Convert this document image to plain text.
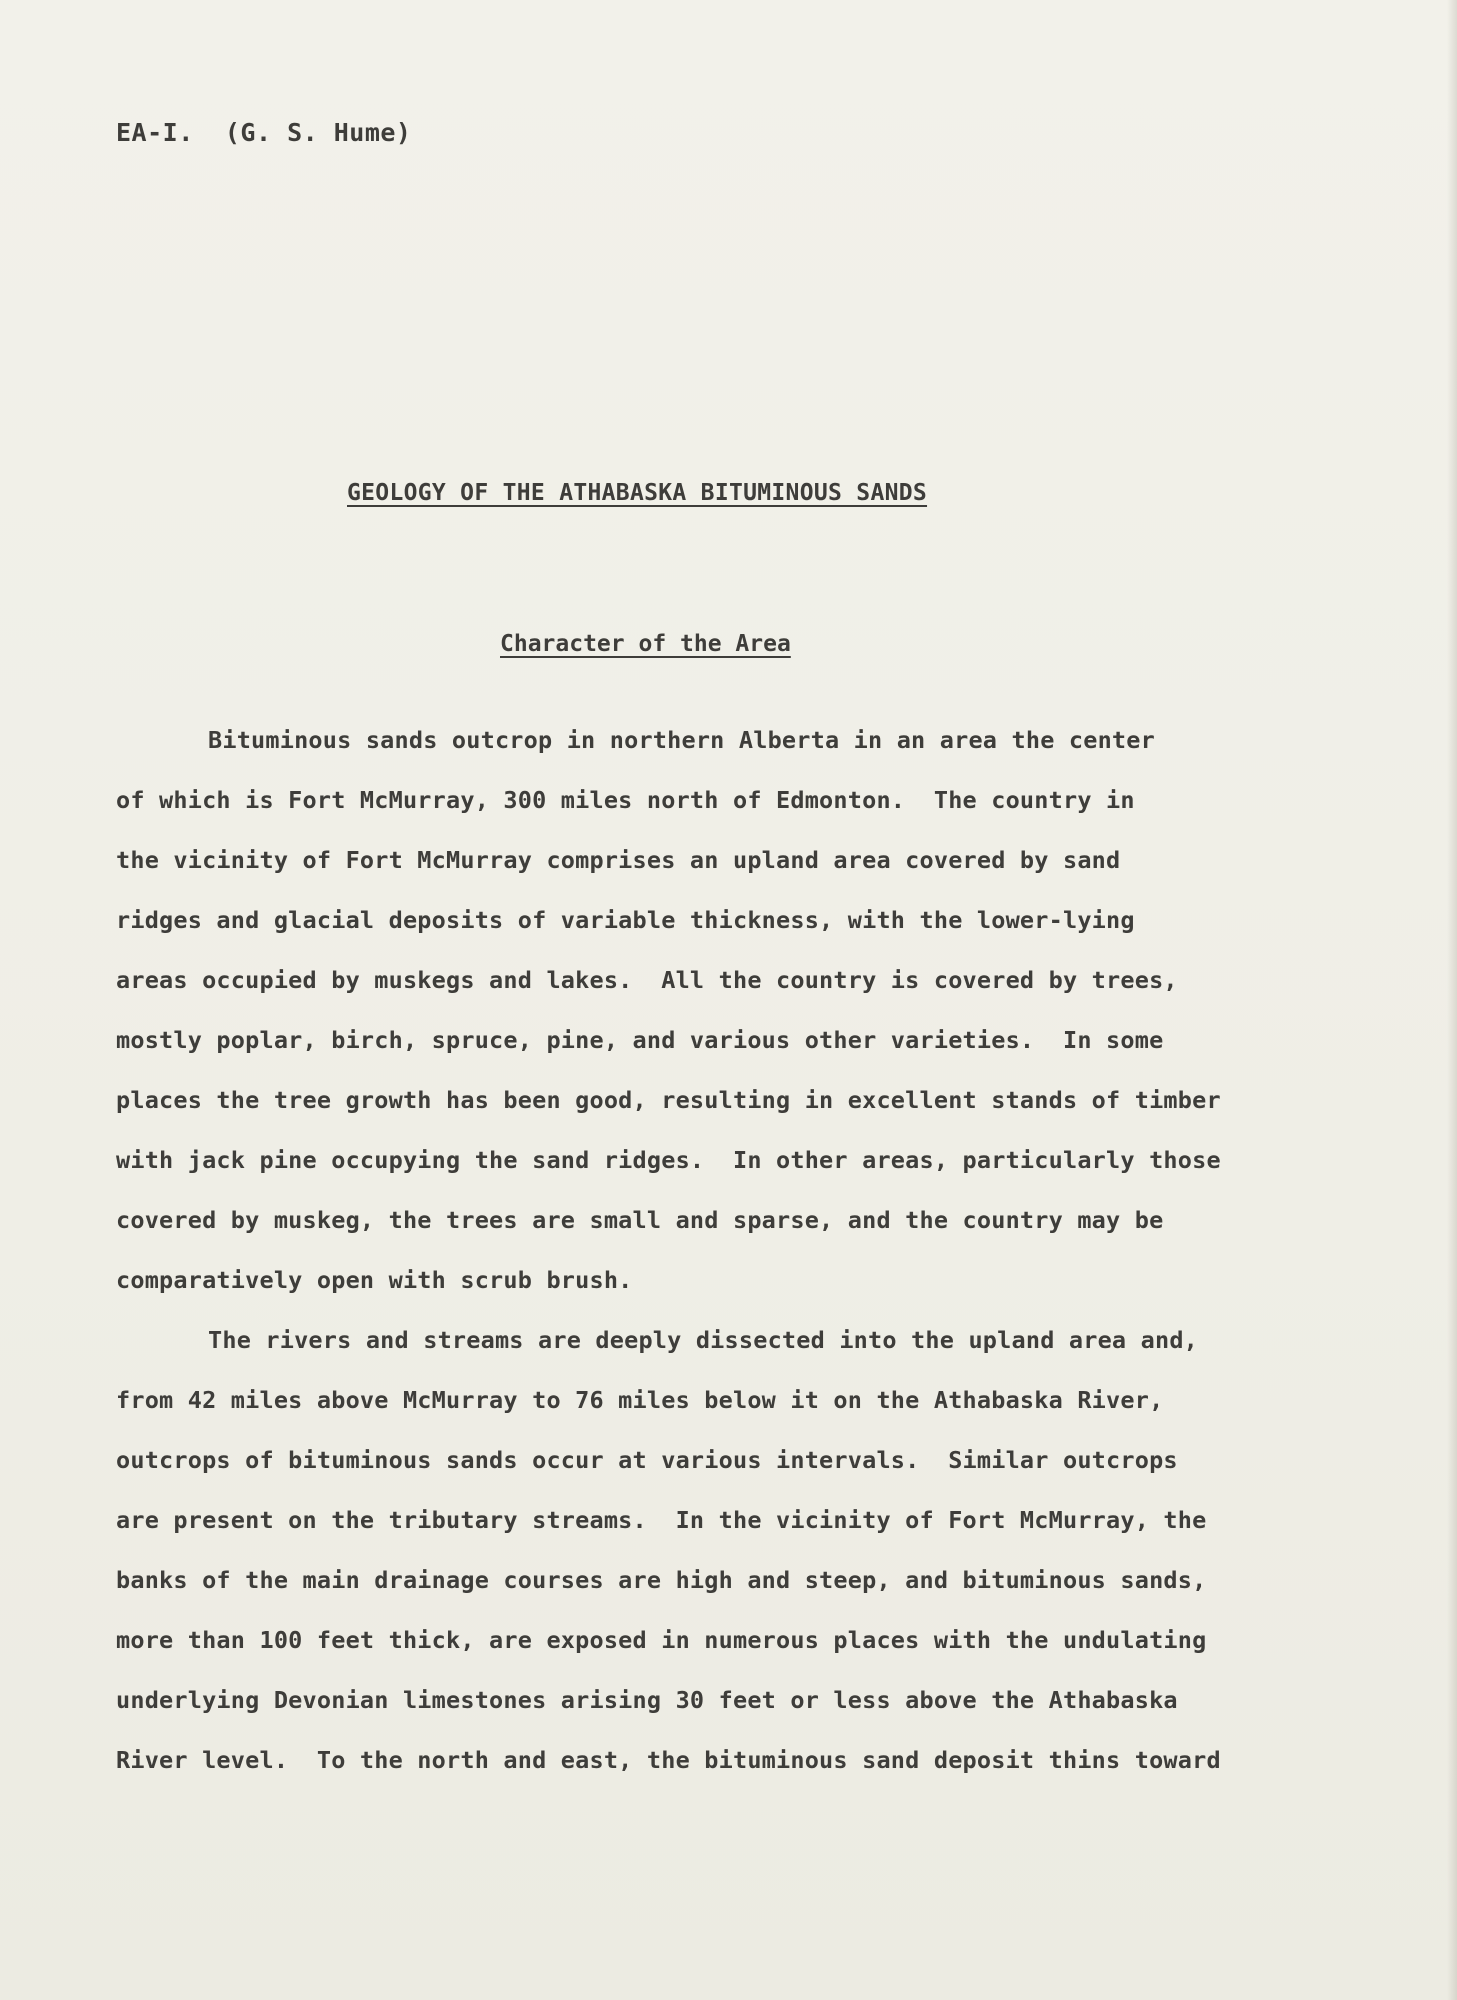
EA-I.  (G. S. Hume)
GEOLOGY OF THE ATHABASKA BITUMINOUS SANDS
Character of the Area
Bituminous sands outcrop in northern Alberta in an area the center
of which is Fort McMurray, 300 miles north of Edmonton.  The country in
the vicinity of Fort McMurray comprises an upland area covered by sand
ridges and glacial deposits of variable thickness, with the lower-lying
areas occupied by muskegs and lakes.  All the country is covered by trees,
mostly poplar, birch, spruce, pine, and various other varieties.  In some
places the tree growth has been good, resulting in excellent stands of timber
with jack pine occupying the sand ridges.  In other areas, particularly those
covered by muskeg, the trees are small and sparse, and the country may be
comparatively open with scrub brush.
The rivers and streams are deeply dissected into the upland area and,
from 42 miles above McMurray to 76 miles below it on the Athabaska River,
outcrops of bituminous sands occur at various intervals.  Similar outcrops
are present on the tributary streams.  In the vicinity of Fort McMurray, the
banks of the main drainage courses are high and steep, and bituminous sands,
more than 100 feet thick, are exposed in numerous places with the undulating
underlying Devonian limestones arising 30 feet or less above the Athabaska
River level.  To the north and east, the bituminous sand deposit thins toward
